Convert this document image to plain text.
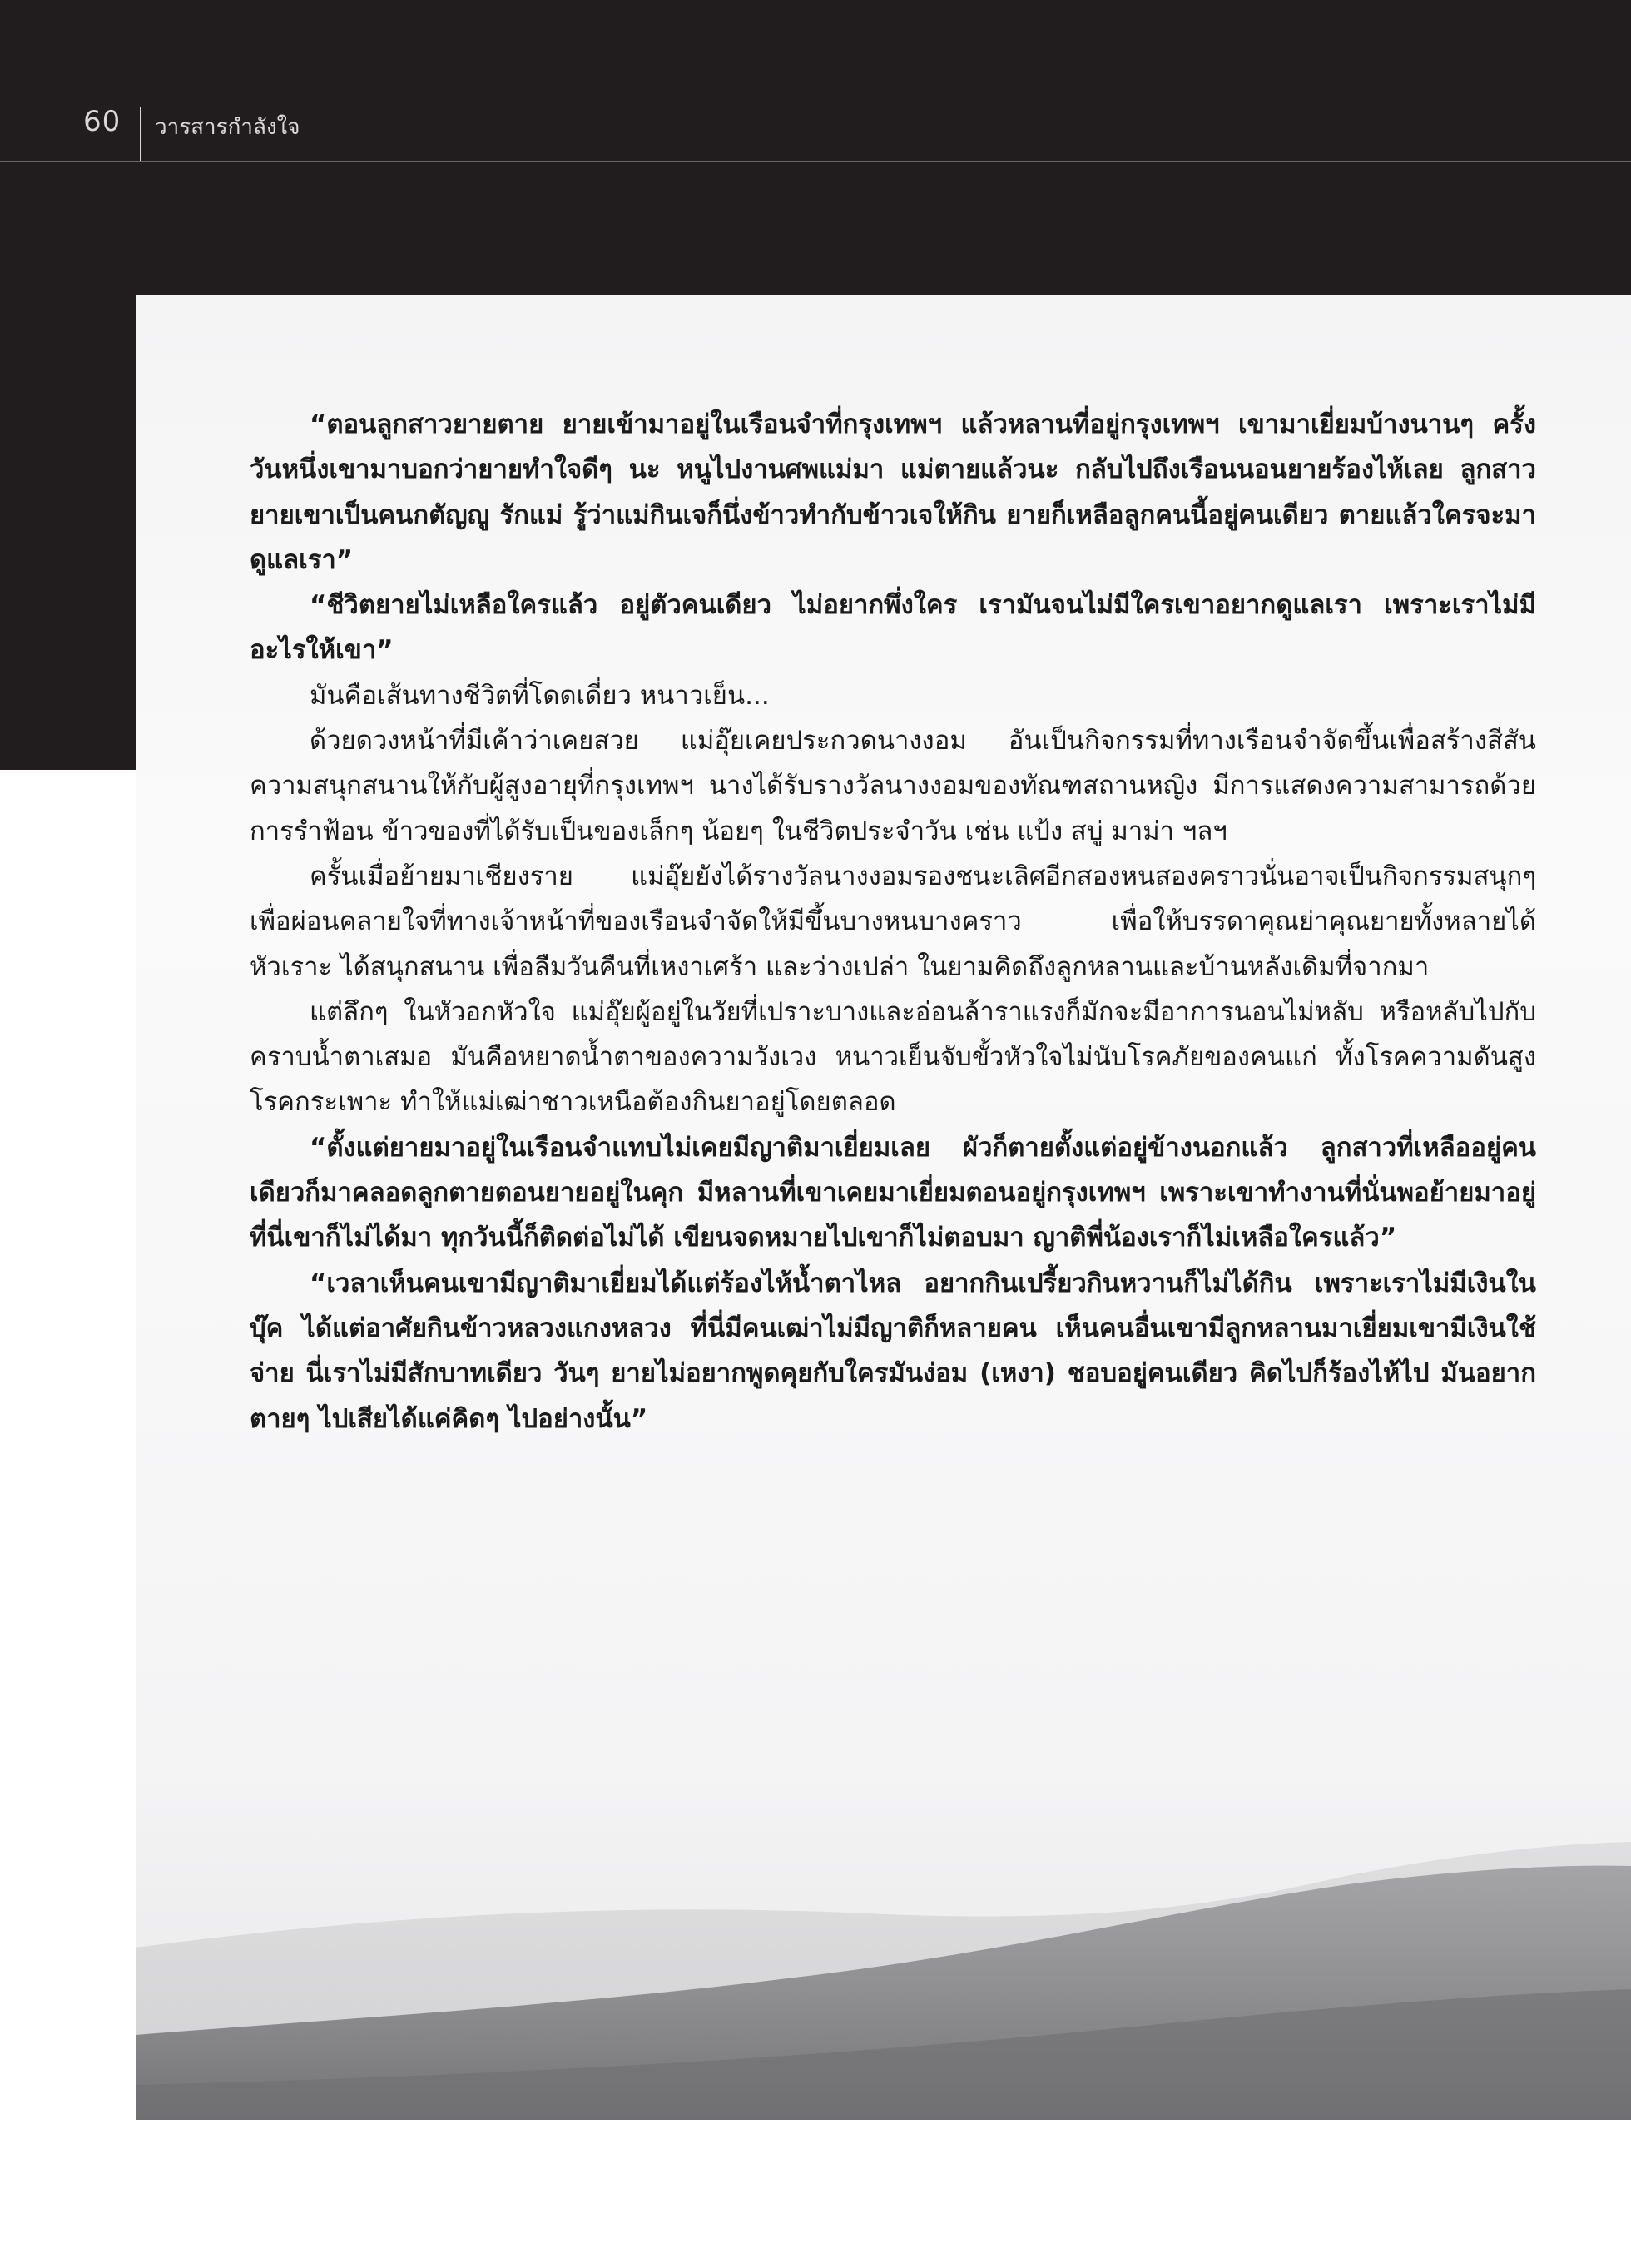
60 วารสารกำลังใจ

“ตอนลูกสาวยายตาย ยายเข้ามาอยู่ในเรือนจำที่กรุงเทพฯ แล้วหลานที่อยู่กรุงเทพฯ เขามาเยี่ยมบ้างนานๆ ครั้ง วันหนึ่งเขามาบอกว่ายายทำใจดีๆ นะ หนูไปงานศพแม่มา แม่ตายแล้วนะ กลับไปถึงเรือนนอนยายร้องไห้เลย ลูกสาวยายเขาเป็นคนกตัญญู รักแม่ รู้ว่าแม่กินเจก็นึ่งข้าวทำกับข้าวเจให้กิน ยายก็เหลือลูกคนนี้อยู่คนเดียว ตายแล้วใครจะมาดูแลเรา”

“ชีวิตยายไม่เหลือใครแล้ว อยู่ตัวคนเดียว ไม่อยากพึ่งใคร เรามันจนไม่มีใครเขาอยากดูแลเรา เพราะเราไม่มีอะไรให้เขา”

มันคือเส้นทางชีวิตที่โดดเดี่ยว หนาวเย็น...

ด้วยดวงหน้าที่มีเค้าว่าเคยสวย แม่อุ๊ยเคยประกวดนางงอม อันเป็นกิจกรรมที่ทางเรือนจำจัดขึ้นเพื่อสร้างสีสัน ความสนุกสนานให้กับผู้สูงอายุที่กรุงเทพฯ นางได้รับรางวัลนางงอมของทัณฑสถานหญิง มีการแสดงความสามารถด้วยการรำฟ้อน ข้าวของที่ได้รับเป็นของเล็กๆ น้อยๆ ในชีวิตประจำวัน เช่น แป้ง สบู่ มาม่า ฯลฯ

ครั้นเมื่อย้ายมาเชียงราย แม่อุ๊ยยังได้รางวัลนางงอมรองชนะเลิศอีกสองหนสองคราวนั่นอาจเป็นกิจกรรมสนุกๆ เพื่อผ่อนคลายใจที่ทางเจ้าหน้าที่ของเรือนจำจัดให้มีขึ้นบางหนบางคราว เพื่อให้บรรดาคุณย่าคุณยายทั้งหลายได้หัวเราะ ได้สนุกสนาน เพื่อลืมวันคืนที่เหงาเศร้า และว่างเปล่า ในยามคิดถึงลูกหลานและบ้านหลังเดิมที่จากมา

แต่ลึกๆ ในหัวอกหัวใจ แม่อุ๊ยผู้อยู่ในวัยที่เปราะบางและอ่อนล้าราแรงก็มักจะมีอาการนอนไม่หลับ หรือหลับไปกับคราบน้ำตาเสมอ มันคือหยาดน้ำตาของความวังเวง หนาวเย็นจับขั้วหัวใจไม่นับโรคภัยของคนแก่ ทั้งโรคความดันสูง โรคกระเพาะ ทำให้แม่เฒ่าชาวเหนือต้องกินยาอยู่โดยตลอด

“ตั้งแต่ยายมาอยู่ในเรือนจำแทบไม่เคยมีญาติมาเยี่ยมเลย ผัวก็ตายตั้งแต่อยู่ข้างนอกแล้ว ลูกสาวที่เหลืออยู่คนเดียวก็มาคลอดลูกตายตอนยายอยู่ในคุก มีหลานที่เขาเคยมาเยี่ยมตอนอยู่กรุงเทพฯ เพราะเขาทำงานที่นั่นพอย้ายมาอยู่ที่นี่เขาก็ไม่ได้มา ทุกวันนี้ก็ติดต่อไม่ได้ เขียนจดหมายไปเขาก็ไม่ตอบมา ญาติพี่น้องเราก็ไม่เหลือใครแล้ว”

“เวลาเห็นคนเขามีญาติมาเยี่ยมได้แต่ร้องไห้น้ำตาไหล อยากกินเปรี้ยวกินหวานก็ไม่ได้กิน เพราะเราไม่มีเงินในบุ๊ค ได้แต่อาศัยกินข้าวหลวงแกงหลวง ที่นี่มีคนเฒ่าไม่มีญาติก็หลายคน เห็นคนอื่นเขามีลูกหลานมาเยี่ยมเขามีเงินใช้จ่าย นี่เราไม่มีสักบาทเดียว วันๆ ยายไม่อยากพูดคุยกับใครมันง่อม (เหงา) ชอบอยู่คนเดียว คิดไปก็ร้องไห้ไป มันอยากตายๆ ไปเสียได้แค่คิดๆ ไปอย่างนั้น”
